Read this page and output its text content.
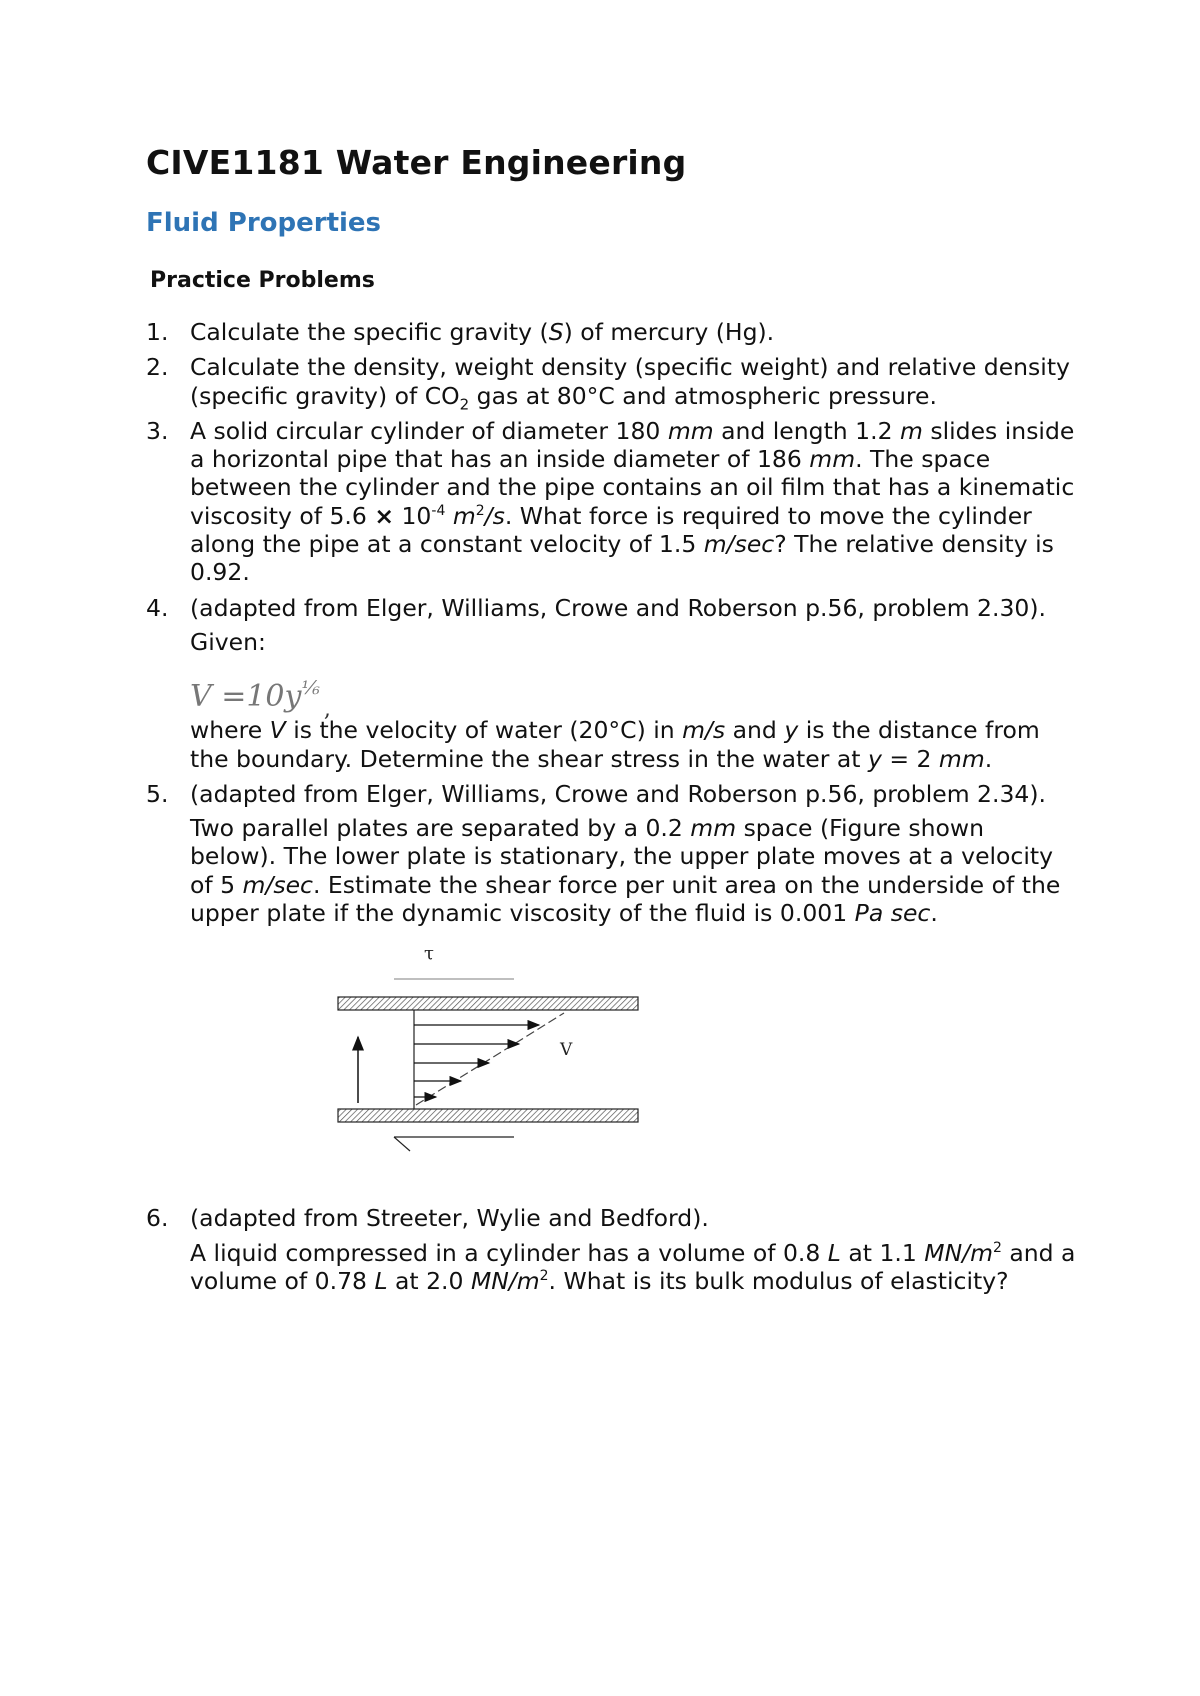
CIVE1181 Water Engineering
Fluid Properties
Practice Problems
1. Calculate the specific gravity (S) of mercury (Hg).

2. Calculate the density, weight density (specific weight) and relative density (specific gravity) of $CO_2$ gas at 80°C and atmospheric pressure.

3. A solid circular cylinder of diameter 180 mm and length 1.2 m slides inside a horizontal pipe that has an inside diameter of 186 mm. The space between the cylinder and the pipe contains an oil film that has a kinematic viscosity of $5.6 \times 10^{-4}$ $m^2/s$. What force is required to move the cylinder along the pipe at a constant velocity of 1.5 m/sec? The relative density is 0.92.

4. (adapted from Elger, Williams, Crowe and Roberson p.56, problem 2.30).

Given:

$V =10y^{\frac{1}{6}}_,$

where V is the velocity of water (20°C) in m/s and y is the distance from the boundary. Determine the shear stress in the water at y = 2 mm.

5. (adapted from Elger, Williams, Crowe and Roberson p.56, problem 2.34).

Two parallel plates are separated by a 0.2 mm space (Figure shown below). The lower plate is stationary, the upper plate moves at a velocity of 5 m/sec. Estimate the shear force per unit area on the underside of the upper plate if the dynamic viscosity of the fluid is 0.001 Pa sec.

τ
V
6. (adapted from Streeter, Wylie and Bedford).

A liquid compressed in a cylinder has a volume of 0.8 L at 1.1 $MN/m^2$ and a volume of 0.78 L at 2.0 $MN/m^2$. What is its bulk modulus of elasticity?
